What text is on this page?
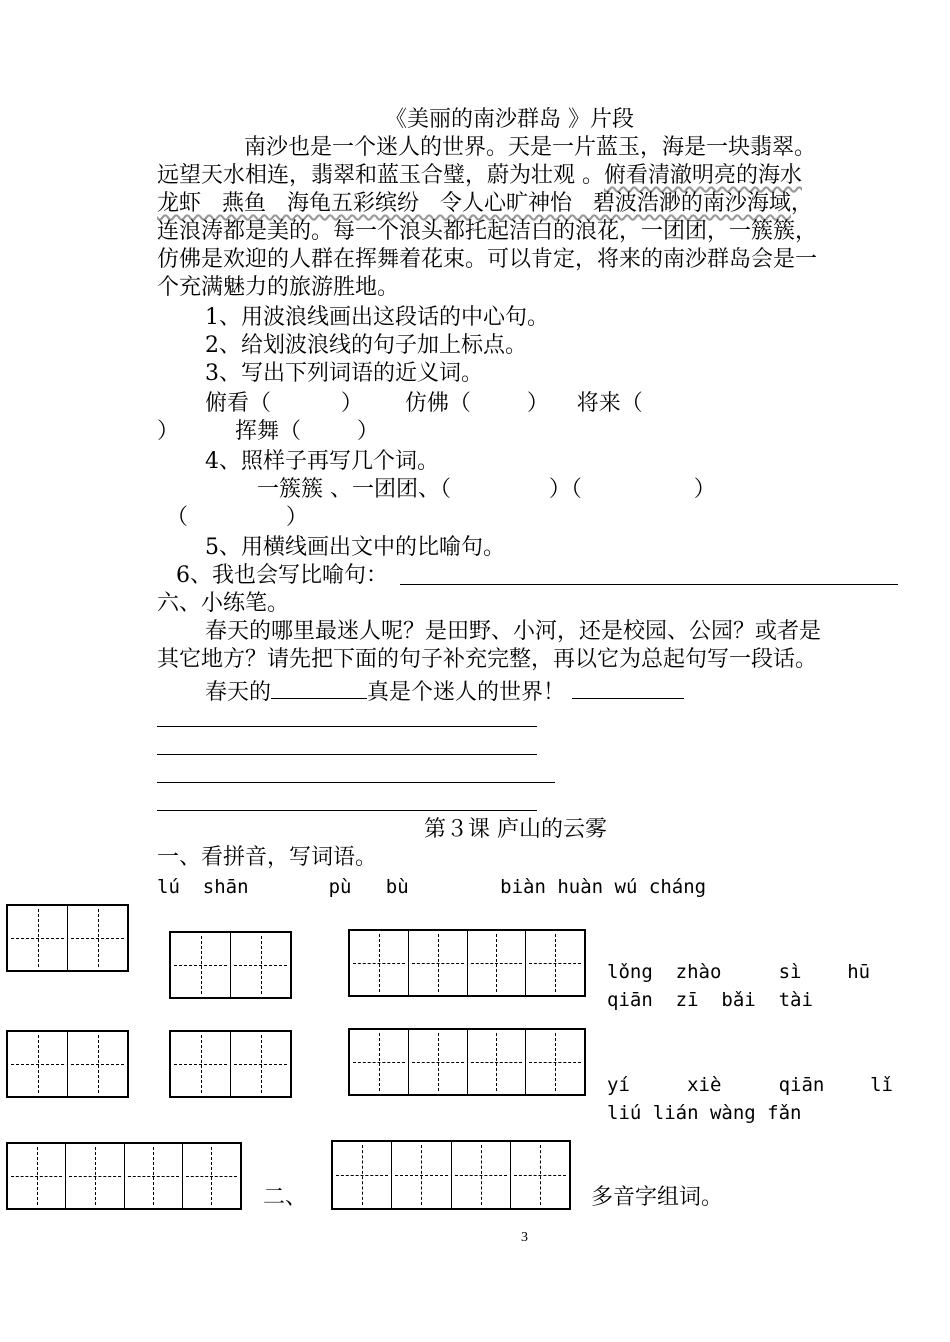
《美丽的南沙群岛 》片段
南沙也是一个迷人的世界。天是一片蓝玉，海是一块翡翠。
远望天水相连，翡翠和蓝玉合璧，蔚为壮观 。俯看清澈明亮的海水
龙虾   燕鱼   海龟五彩缤纷   令人心旷神怡   碧波浩渺的南沙海域，
连浪涛都是美的。每一个浪头都托起洁白的浪花，一团团，一簇簇，
仿佛是欢迎的人群在挥舞着花束。可以肯定，将来的南沙群岛会是一
个充满魅力的旅游胜地。
1、用波浪线画出这段话的中心句。
2、给划波浪线的句子加上标点。
3、写出下列词语的近义词。
俯看（          ）      仿佛（        ）    将来（
）        挥舞（        ）
4、照样子再写几个词。
一簇簇 、一团团、（              ）（                ）
（              ）
5、用横线画出文中的比喻句。
6、我也会写比喻句：
六、小练笔。
春天的哪里最迷人呢？是田野、小河，还是校园、公园？或者是
其它地方？请先把下面的句子补充完整，再以它为总起句写一段话。
春天的	真是个迷人的世界！
第３课 庐山的云雾
一、看拼音，写词语。
lú  shān       pù   bù        biàn huàn wú cháng
lǒng  zhào     sì    hū
qiān  zī  bǎi  tài
yí     xiè     qiān    lǐ
liú lián wàng fǎn
二、	多音字组词。
3
